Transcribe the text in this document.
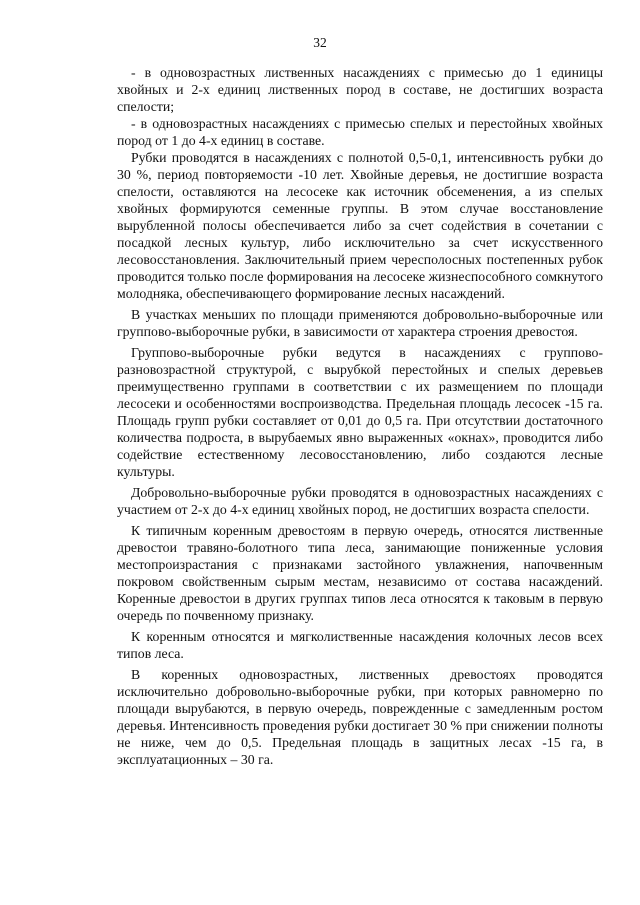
32

- в одновозрастных лиственных насаждениях с примесью до 1 единицы хвойных и 2-х единиц лиственных пород в составе, не достигших возраста спелости;

- в одновозрастных насаждениях с примесью спелых и перестойных хвойных пород от 1 до 4-х единиц в составе.

Рубки проводятся в насаждениях с полнотой 0,5-0,1, интенсивность рубки до 30 %, период повторяемости -10 лет. Хвойные деревья, не достигшие возраста спелости, оставляются на лесосеке как источник обсеменения, а из спелых хвойных формируются семенные группы. В этом случае восстановление вырубленной полосы обеспечивается либо за счет содействия в сочетании с посадкой лесных культур, либо исключительно за счет искусственного лесовосстановления. Заключительный прием чересполосных постепенных рубок проводится только после формирования на лесосеке жизнеспособного сомкнутого молодняка, обеспечивающего формирование лесных насаждений.

В участках меньших по площади применяются добровольно-выборочные или группово-выборочные рубки, в зависимости от характера строения древостоя.

Группово-выборочные рубки ведутся в насаждениях с группово-разновозрастной структурой, с вырубкой перестойных и спелых деревьев преимущественно группами в соответствии с их размещением по площади лесосеки и особенностями воспроизводства. Предельная площадь лесосек -15 га. Площадь групп рубки составляет от 0,01 до 0,5 га. При отсутствии достаточного количества подроста, в вырубаемых явно выраженных «окнах», проводится либо содействие естественному лесовосстановлению, либо создаются лесные культуры.

Добровольно-выборочные рубки проводятся в одновозрастных насаждениях с участием от 2-х до 4-х единиц хвойных пород, не достигших возраста спелости.

К типичным коренным древостоям в первую очередь, относятся лиственные древостои травяно-болотного типа леса, занимающие пониженные условия местопроизрастания с признаками застойного увлажнения, напочвенным покровом свойственным сырым местам, независимо от состава насаждений. Коренные древостои в других группах типов леса относятся к таковым в первую очередь по почвенному признаку.

К коренным относятся и мягколиственные насаждения колочных лесов всех типов леса.

В коренных одновозрастных, лиственных древостоях проводятся исключительно добровольно-выборочные рубки, при которых равномерно по площади вырубаются, в первую очередь, поврежденные с замедленным ростом деревья. Интенсивность проведения рубки достигает 30 % при снижении полноты не ниже, чем до 0,5. Предельная площадь в защитных лесах -15 га, в эксплуатационных – 30 га.
